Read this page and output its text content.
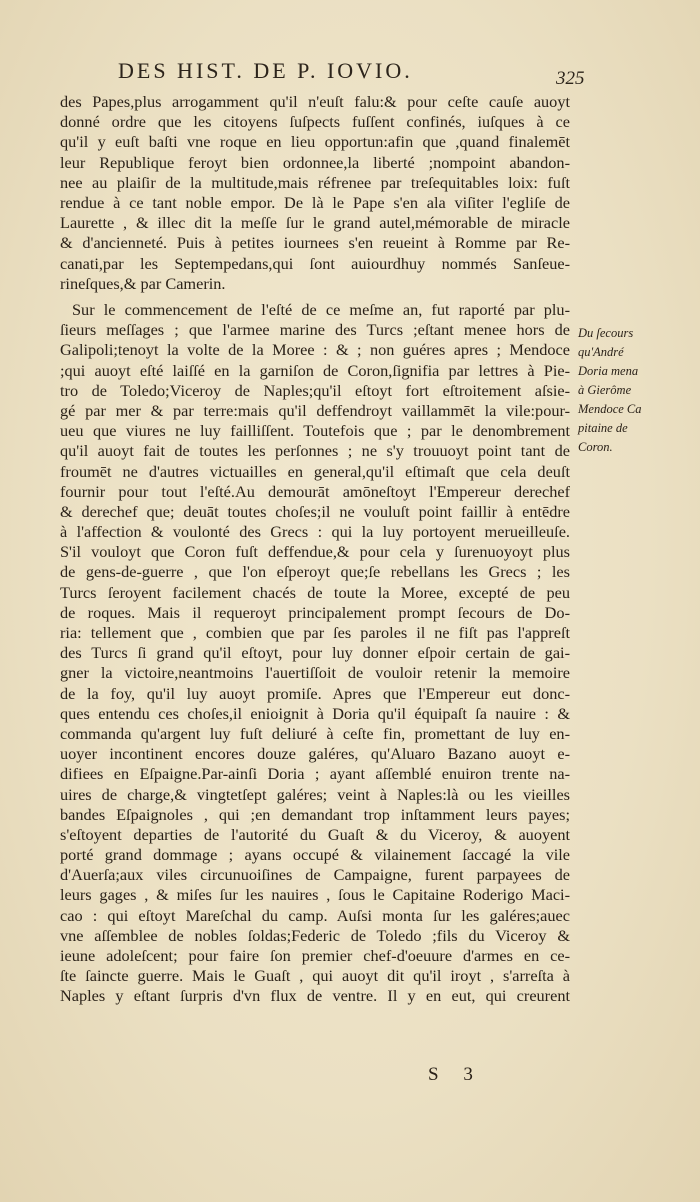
DES HIST. DE P. IOVIO.	325
des Papes,plus arrogamment qu'il n'euſt falu:& pour ceſte cauſe auoyt
donné ordre que les citoyens ſuſpects fuſſent confinés, iuſques à ce
qu'il y euſt baſti vne roque en lieu opportun:afin que ,quand finalemēt
leur Republique feroyt bien ordonnee,la liberté ;nompoint abandon-
nee au plaiſir de la multitude,mais réfrenee par treſequitables loix: fuſt
rendue à ce tant noble empor. De là le Pape s'en ala viſiter l'egliſe de
Laurette , & illec dit la meſſe ſur le grand autel,mémorable de miracle
& d'ancienneté. Puis à petites iournees s'en reueint à Romme par Re-
canati,par les Septempedans,qui ſont auiourdhuy nommés Sanſeue-
rineſques,& par Camerin.
Sur le commencement de l'eſté de ce meſme an, fut raporté par plu-
ſieurs meſſages ; que l'armee marine des Turcs ;eſtant menee hors de
Galipoli;tenoyt la volte de la Moree : & ; non guéres apres ; Mendoce
;qui auoyt eſté laiſſé en la garniſon de Coron,ſignifia par lettres à Pie-
tro de Toledo;Viceroy de Naples;qu'il eſtoyt fort eſtroitement aſsie-
gé par mer & par terre:mais qu'il deffendroyt vaillammēt la vile:pour-
ueu que viures ne luy failliſſent. Toutefois que ; par le denombrement
qu'il auoyt fait de toutes les perſonnes ; ne s'y trouuoyt point tant de
froumēt ne d'autres victuailles en general,qu'il eſtimaſt que cela deuſt
fournir pour tout l'eſté.Au demourāt amōneſtoyt l'Empereur derechef
& derechef que; deuāt toutes choſes;il ne vouluſt point faillir à entēdre
à l'affection & voulonté des Grecs : qui la luy portoyent merueilleuſe.
S'il vouloyt que Coron fuſt deffendue,& pour cela y ſurenuoyoyt plus
de gens-de-guerre , que l'on eſperoyt que;ſe rebellans les Grecs ; les
Turcs ſeroyent facilement chacés de toute la Moree, excepté de peu
de roques. Mais il requeroyt principalement prompt ſecours de Do-
ria: tellement que , combien que par ſes paroles il ne fiſt pas l'appreſt
des Turcs ſi grand qu'il eſtoyt, pour luy donner eſpoir certain de gai-
gner la victoire,neantmoins l'auertiſſoit de vouloir retenir la memoire
de la foy, qu'il luy auoyt promiſe. Apres que l'Empereur eut donc-
ques entendu ces choſes,il enioignit à Doria qu'il équipaſt ſa nauire : &
commanda qu'argent luy fuſt deliuré à ceſte fin, promettant de luy en-
uoyer incontinent encores douze galéres, qu'Aluaro Bazano auoyt e-
difiees en Eſpaigne.Par-ainſi Doria ; ayant aſſemblé enuiron trente na-
uires de charge,& vingtetſept galéres; veint à Naples:là ou les vieilles
bandes Eſpaignoles , qui ;en demandant trop inſtamment leurs payes;
s'eſtoyent departies de l'autorité du Guaſt & du Viceroy, & auoyent
porté grand dommage ; ayans occupé & vilainement ſaccagé la vile
d'Auerſa;aux viles circunuoiſines de Campaigne, furent parpayees de
leurs gages , & miſes ſur les nauires , ſous le Capitaine Roderigo Maci-
cao : qui eſtoyt Mareſchal du camp. Auſsi monta ſur les galéres;auec
vne aſſemblee de nobles ſoldas;Federic de Toledo ;fils du Viceroy &
ieune adoleſcent; pour faire ſon premier chef-d'oeuure d'armes en ce-
ſte ſaincte guerre. Mais le Guaſt , qui auoyt dit qu'il iroyt , s'arreſta à
Naples y eſtant ſurpris d'vn flux de ventre. Il y en eut, qui creurent
Du ſecours
qu'André
Doria mena
à Gierôme
Mendoce Ca
pitaine de
Coron.
S 3
